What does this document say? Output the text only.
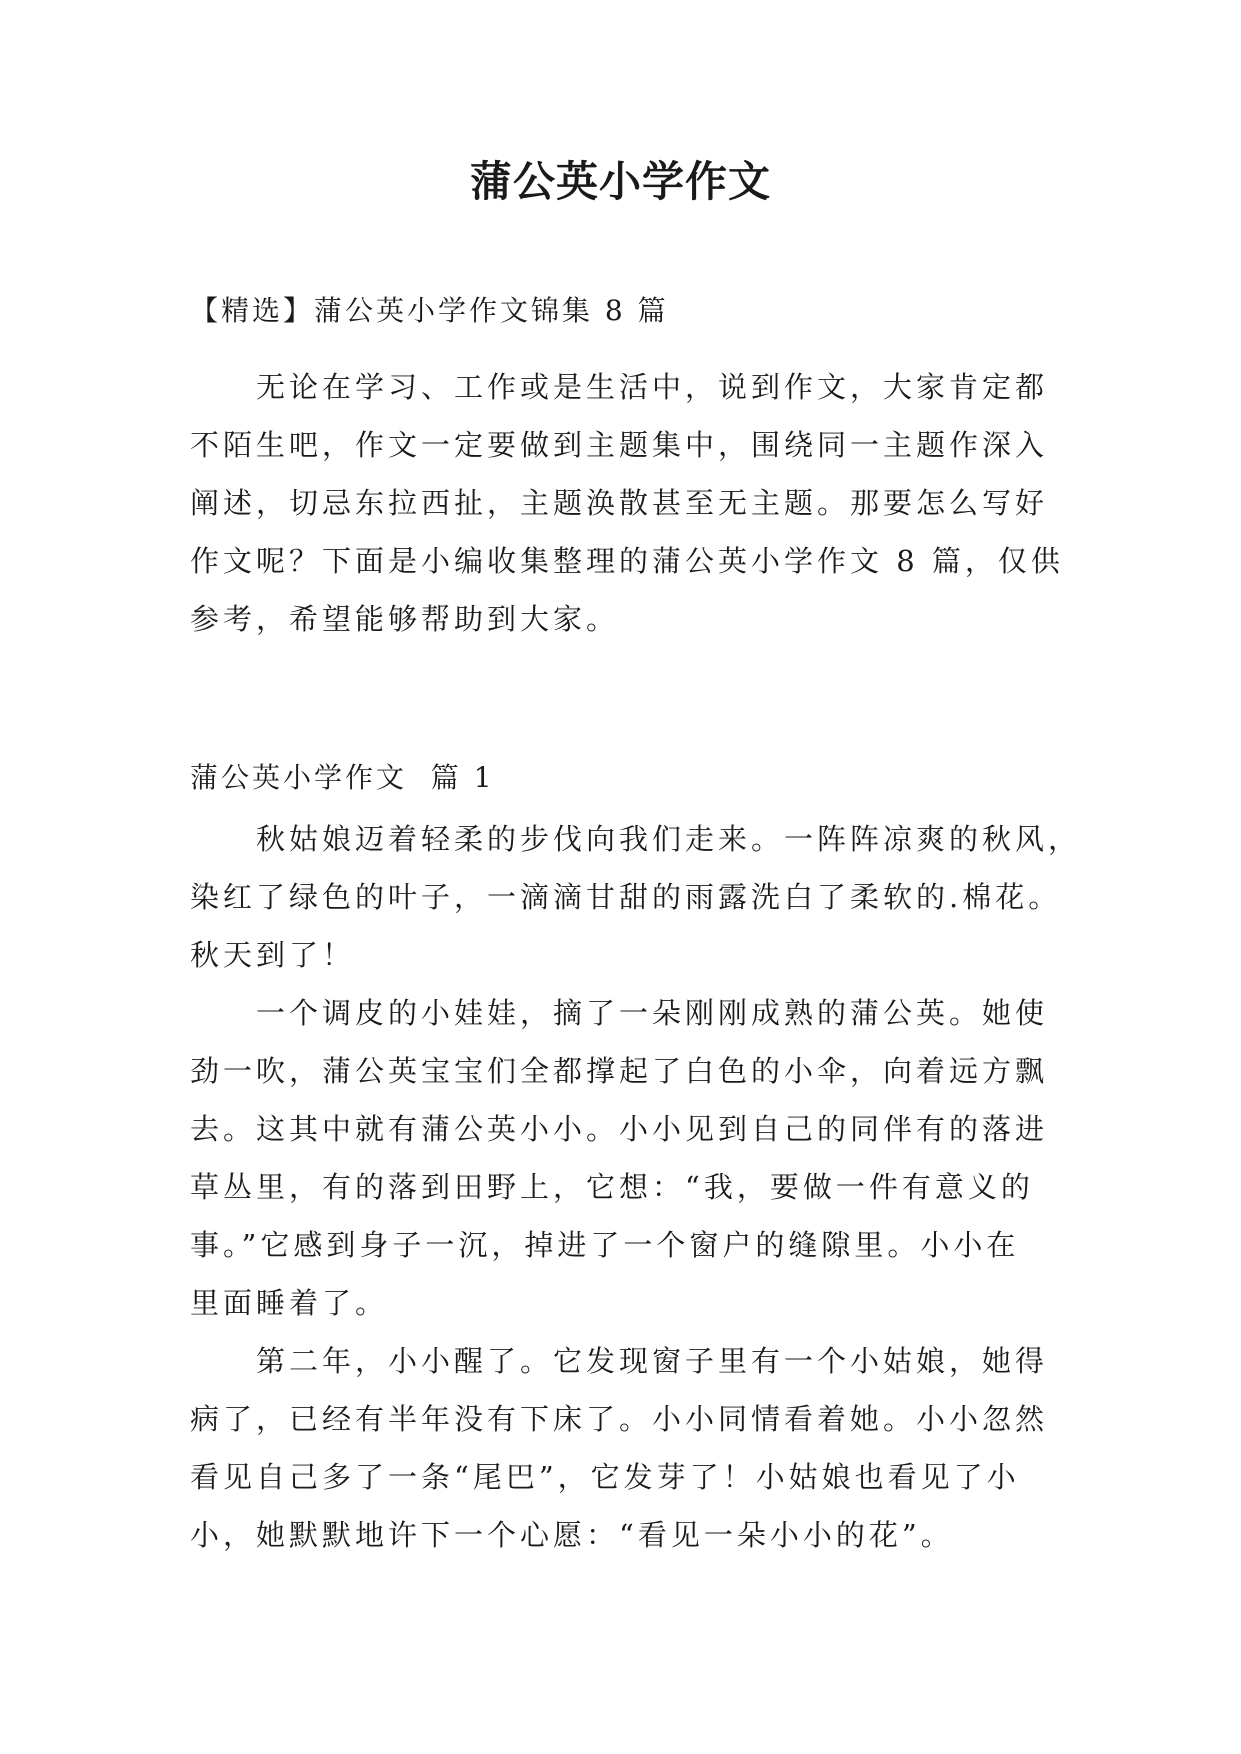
蒲公英小学作文

【精选】蒲公英小学作文锦集 8 篇

无论在学习、工作或是生活中，说到作文，大家肯定都
不陌生吧，作文一定要做到主题集中，围绕同一主题作深入
阐述，切忌东拉西扯，主题涣散甚至无主题。那要怎么写好
作文呢？下面是小编收集整理的蒲公英小学作文 8 篇，仅供
参考，希望能够帮助到大家。

蒲公英小学作文  篇 1

秋姑娘迈着轻柔的步伐向我们走来。一阵阵凉爽的秋风，
染红了绿色的叶子，一滴滴甘甜的雨露洗白了柔软的.棉花。
秋天到了！
一个调皮的小娃娃，摘了一朵刚刚成熟的蒲公英。她使
劲一吹，蒲公英宝宝们全都撑起了白色的小伞，向着远方飘
去。这其中就有蒲公英小小。小小见到自己的同伴有的落进
草丛里，有的落到田野上，它想：“我，要做一件有意义的
事。”它感到身子一沉，掉进了一个窗户的缝隙里。小小在
里面睡着了。
第二年，小小醒了。它发现窗子里有一个小姑娘，她得
病了，已经有半年没有下床了。小小同情看着她。小小忽然
看见自己多了一条“尾巴”，它发芽了！小姑娘也看见了小
小，她默默地许下一个心愿：“看见一朵小小的花”。
